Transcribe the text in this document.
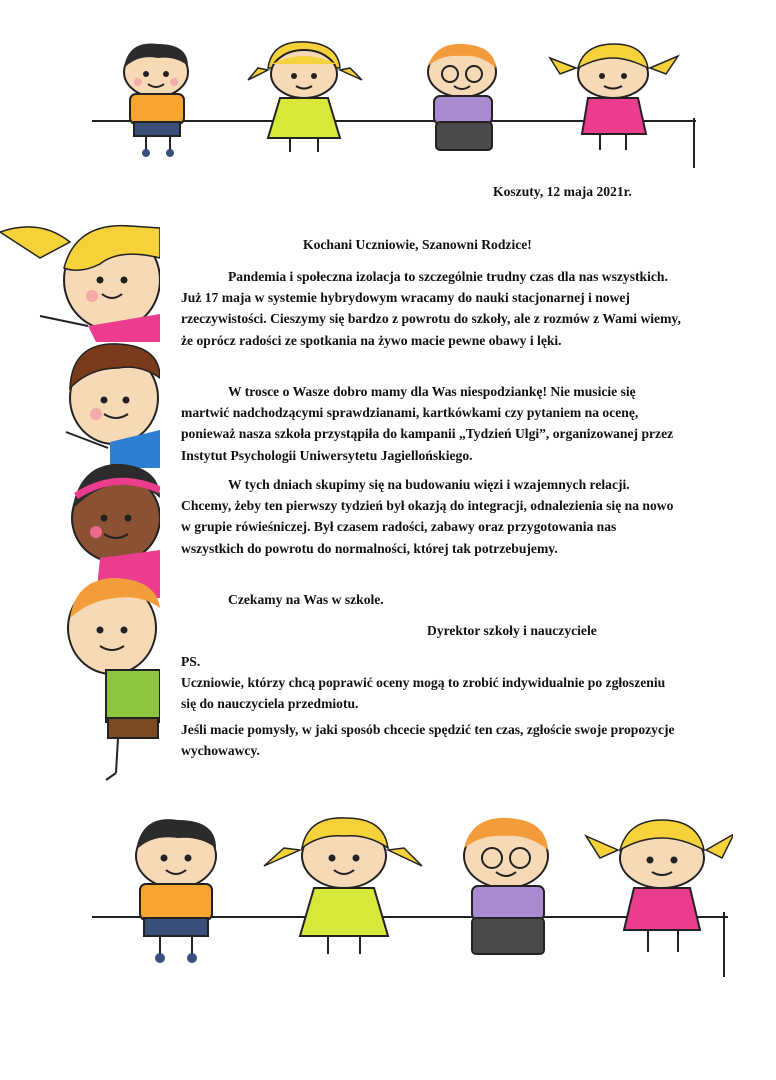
Koszuty, 12 maja 2021r.
Kochani Uczniowie, Szanowni Rodzice!

Pandemia i społeczna izolacja to szczególnie trudny czas dla nas wszystkich. Już 17 maja w systemie hybrydowym wracamy do nauki stacjonarnej i nowej rzeczywistości. Cieszymy się bardzo z powrotu do szkoły, ale z rozmów z Wami wiemy, że oprócz radości ze spotkania na żywo macie pewne obawy i lęki.

W trosce o Wasze dobro mamy dla Was niespodziankę! Nie musicie się martwić nadchodzącymi sprawdzianami, kartkówkami czy pytaniem na ocenę, ponieważ nasza szkoła przystąpiła do kampanii „Tydzień Ulgi”, organizowanej przez Instytut Psychologii Uniwersytetu Jagiellońskiego.

W tych dniach skupimy się na budowaniu więzi i wzajemnych relacji. Chcemy, żeby ten pierwszy tydzień był okazją do integracji, odnalezienia się na nowo w grupie rówieśniczej. Był czasem radości, zabawy oraz przygotowania nas wszystkich do powrotu do normalności, której tak potrzebujemy.

Czekamy na Was w szkole.

Dyrektor szkoły i nauczyciele
PS.

Uczniowie, którzy chcą poprawić oceny mogą to zrobić indywidualnie po zgłoszeniu się do nauczyciela przedmiotu.

Jeśli macie pomysły, w jaki sposób chcecie spędzić ten czas, zgłoście swoje propozycje wychowawcy.
